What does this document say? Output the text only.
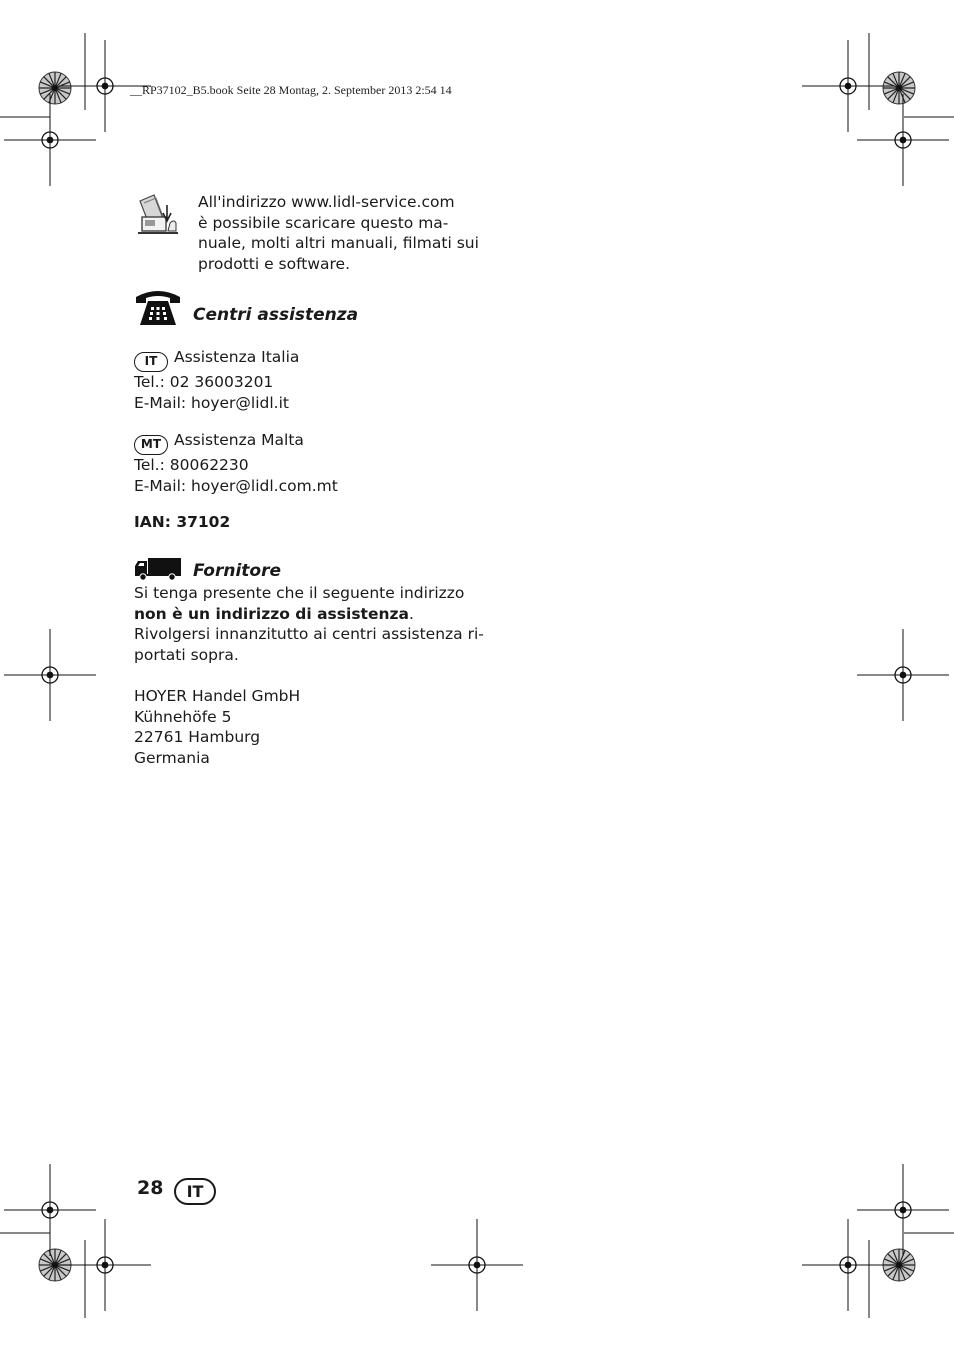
__RP37102_B5.book Seite 28 Montag, 2. September 2013 2:54 14
All'indirizzo www.lidl-service.com
è possibile scaricare questo ma-
nuale, molti altri manuali, filmati sui
prodotti e software.
Centri assistenza
IT Assistenza Italia
Tel.: 02 36003201
E-Mail: hoyer@lidl.it
MT Assistenza Malta
Tel.: 80062230
E-Mail: hoyer@lidl.com.mt
IAN: 37102
Fornitore
Si tenga presente che il seguente indirizzo
non è un indirizzo di assistenza.
Rivolgersi innanzitutto ai centri assistenza ri-
portati sopra.
HOYER Handel GmbH
Kühnehöfe 5
22761 Hamburg
Germania
28	IT
